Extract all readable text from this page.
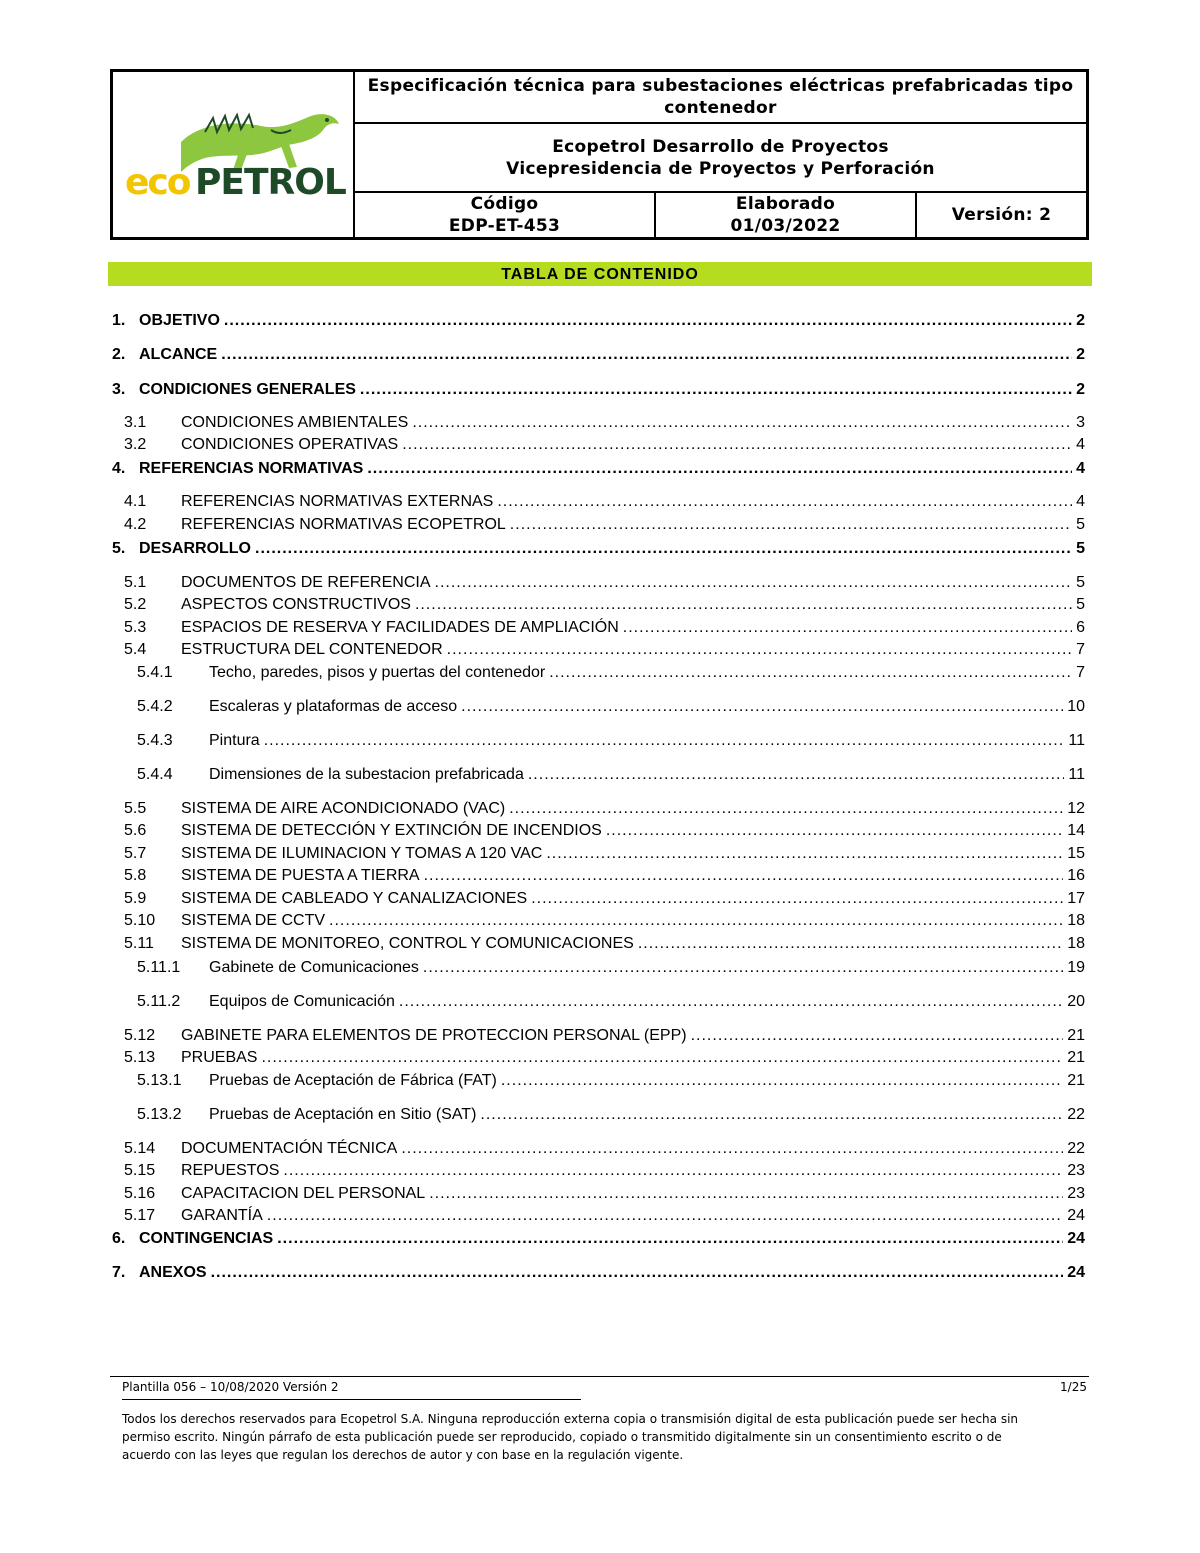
eco PETROL
Especificación técnica para subestaciones eléctricas prefabricadas tipo contenedor
Ecopetrol Desarrollo de Proyectos
Vicepresidencia de Proyectos y Perforación
Código
EDP-ET-453
Elaborado
01/03/2022
Versión: 2
TABLA DE CONTENIDO
1. OBJETIVO .....	2
2. ALCANCE .....	2
3. CONDICIONES GENERALES .....	2
3.1	CONDICIONES AMBIENTALES .....	3
3.2	CONDICIONES OPERATIVAS .....	4
4. REFERENCIAS NORMATIVAS .....	4
4.1	REFERENCIAS NORMATIVAS EXTERNAS .....	4
4.2	REFERENCIAS NORMATIVAS ECOPETROL .....	5
5. DESARROLLO .....	5
5.1	DOCUMENTOS DE REFERENCIA .....	5
5.2	ASPECTOS CONSTRUCTIVOS .....	5
5.3	ESPACIOS DE RESERVA Y FACILIDADES DE AMPLIACIÓN .....	6
5.4	ESTRUCTURA DEL CONTENEDOR .....	7
5.4.1	Techo, paredes, pisos y puertas del contenedor .....	7
5.4.2	Escaleras y plataformas de acceso .....	10
5.4.3	Pintura .....	11
5.4.4	Dimensiones de la subestacion prefabricada .....	11
5.5	SISTEMA DE AIRE ACONDICIONADO (VAC) .....	12
5.6	SISTEMA DE DETECCIÓN Y EXTINCIÓN DE INCENDIOS .....	14
5.7	SISTEMA DE ILUMINACION Y TOMAS A 120 VAC .....	15
5.8	SISTEMA DE PUESTA A TIERRA .....	16
5.9	SISTEMA DE CABLEADO Y CANALIZACIONES .....	17
5.10	SISTEMA DE CCTV .....	18
5.11	SISTEMA DE MONITOREO, CONTROL Y COMUNICACIONES .....	18
5.11.1	Gabinete de Comunicaciones .....	19
5.11.2	Equipos de Comunicación .....	20
5.12	GABINETE PARA ELEMENTOS DE PROTECCION PERSONAL (EPP) .....	21
5.13	PRUEBAS .....	21
5.13.1	Pruebas de Aceptación de Fábrica (FAT) .....	21
5.13.2	Pruebas de Aceptación en Sitio (SAT) .....	22
5.14	DOCUMENTACIÓN TÉCNICA .....	22
5.15	REPUESTOS .....	23
5.16	CAPACITACION DEL PERSONAL .....	23
5.17	GARANTÍA .....	24
6. CONTINGENCIAS .....	24
7. ANEXOS .....	24
Plantilla 056 – 10/08/2020 Versión 2	1/25
Todos los derechos reservados para Ecopetrol S.A. Ninguna reproducción externa copia o transmisión digital de esta publicación puede ser hecha sin permiso escrito. Ningún párrafo de esta publicación puede ser reproducido, copiado o transmitido digitalmente sin un consentimiento escrito o de acuerdo con las leyes que regulan los derechos de autor y con base en la regulación vigente.
